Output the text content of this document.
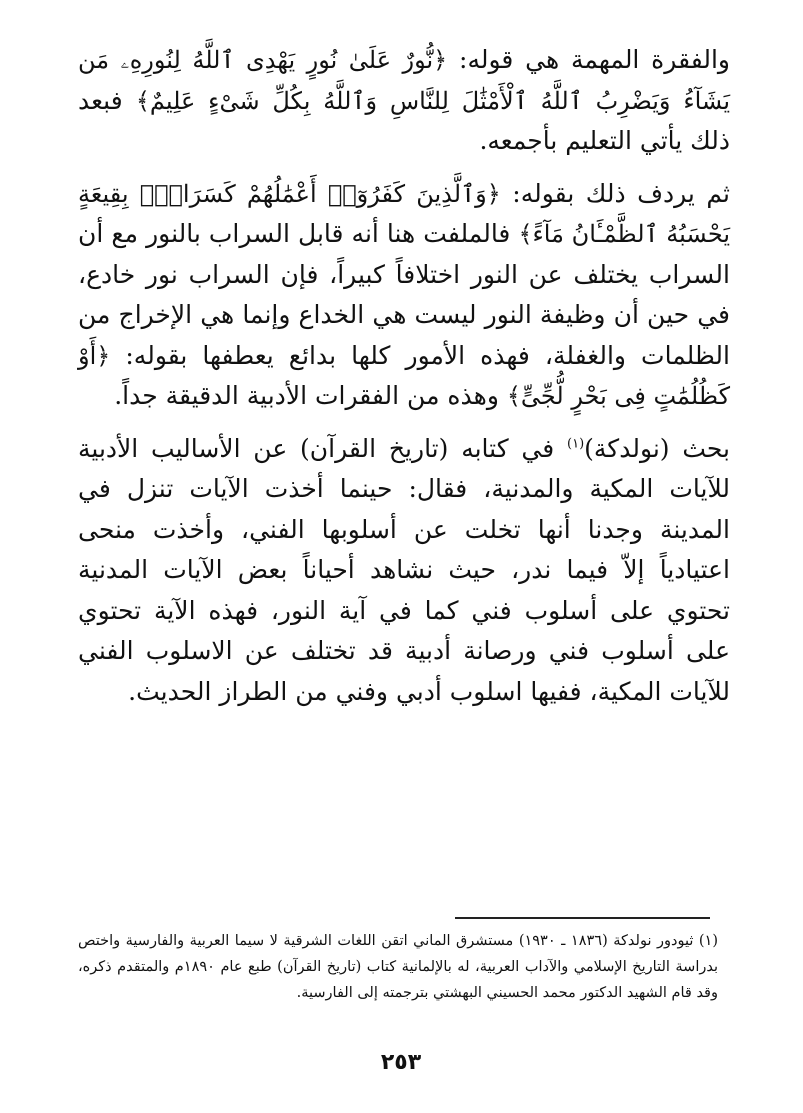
والفقرة المهمة هي قوله: ﴿نُّورٌ عَلَىٰ نُورٍ يَهْدِى ٱللَّهُ لِنُورِهِۦ مَن يَشَآءُ وَيَضْرِبُ ٱللَّهُ ٱلْأَمْثَٰلَ لِلنَّاسِ وَٱللَّهُ بِكُلِّ شَىْءٍ عَلِيمٌ﴾ فبعد ذلك يأتي التعليم بأجمعه.

ثم يردف ذلك بقوله: ﴿وَٱلَّذِينَ كَفَرُوٓا۟ أَعْمَٰلُهُمْ كَسَرَابٍۭ بِقِيعَةٍ يَحْسَبُهُ ٱلظَّمْـَٔانُ مَآءً﴾ فالملفت هنا أنه قابل السراب بالنور مع أن السراب يختلف عن النور اختلافاً كبيراً، فإن السراب نور خادع، في حين أن وظيفة النور ليست هي الخداع وإنما هي الإخراج من الظلمات والغفلة، فهذه الأمور كلها بدائع يعطفها بقوله: ﴿أَوْ كَظُلُمَٰتٍ فِى بَحْرٍ لُّجِّىٍّ﴾ وهذه من الفقرات الأدبية الدقيقة جداً.

بحث (نولدكة)$^{(١)}$ في كتابه (تاريخ القرآن) عن الأساليب الأدبية للآيات المكية والمدنية، فقال: حينما أخذت الآيات تنزل في المدينة وجدنا أنها تخلت عن أسلوبها الفني، وأخذت منحى اعتيادياً إلاّ فيما ندر، حيث نشاهد أحياناً بعض الآيات المدنية تحتوي على أسلوب فني كما في آية النور، فهذه الآية تحتوي على أسلوب فني ورصانة أدبية قد تختلف عن الاسلوب الفني للآيات المكية، ففيها اسلوب أدبي وفني من الطراز الحديث.

(١) ثيودور نولدكة (١٨٣٦ ـ ١٩٣٠) مستشرق الماني اتقن اللغات الشرقية لا سيما العربية والفارسية واختص بدراسة التاريخ الإسلامي والآداب العربية، له بالإلمانية كتاب (تاريخ القرآن) طبع عام ١٨٩٠م والمتقدم ذكره، وقد قام الشهيد الدكتور محمد الحسيني البهشتي بترجمته إلى الفارسية.
٢٥٣
